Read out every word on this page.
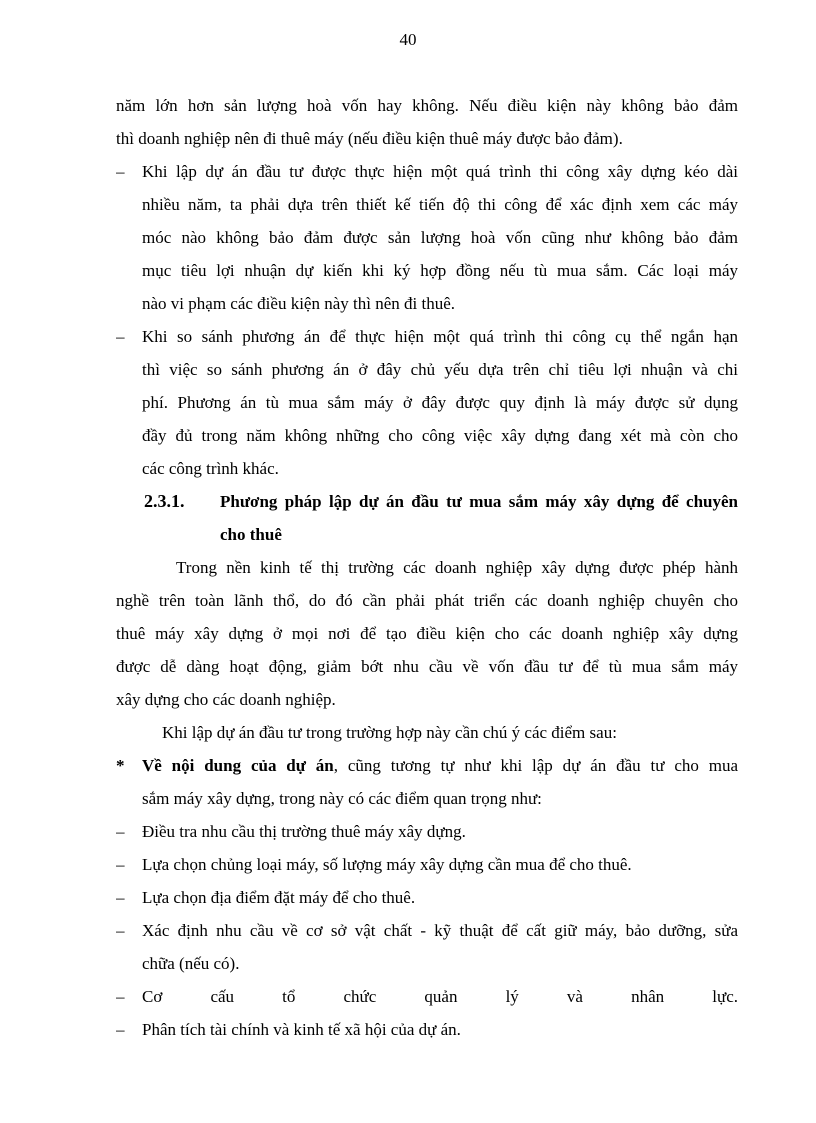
40
năm lớn hơn sản lượng hoà vốn hay không. Nếu điều kiện này không bảo đảm
thì doanh nghiệp nên đi thuê máy (nếu điều kiện thuê máy được bảo đảm).
– Khi lập dự án đầu tư được thực hiện một quá trình thi công xây dựng kéo dài
nhiều năm, ta phải dựa trên thiết kế tiến độ thi công để xác định xem các máy
móc nào không bảo đảm được sản lượng hoà vốn cũng như không bảo đảm
mục tiêu lợi nhuận dự kiến khi ký hợp đồng nếu tù mua sắm. Các loại máy
nào vi phạm các điều kiện này thì nên đi thuê.
– Khi so sánh phương án để thực hiện một quá trình thi công cụ thể ngắn hạn
thì việc so sánh phương án ở đây chủ yếu dựa trên chỉ tiêu lợi nhuận và chi
phí. Phương án tù mua sắm máy ở đây được quy định là máy được sử dụng
đầy đủ trong năm không những cho công việc xây dựng đang xét mà còn cho
các công trình khác.
2.3.1. Phương pháp lập dự án đầu tư mua sắm máy xây dựng để chuyên
cho thuê
Trong nền kinh tế thị trường các doanh nghiệp xây dựng được phép hành
nghề trên toàn lãnh thổ, do đó cần phải phát triển các doanh nghiệp chuyên cho
thuê máy xây dựng ở mọi nơi để tạo điều kiện cho các doanh nghiệp xây dựng
được dễ dàng hoạt động, giảm bớt nhu cầu về vốn đầu tư để tù mua sắm máy
xây dựng cho các doanh nghiệp.
Khi lập dự án đầu tư trong trường hợp này cần chú ý các điểm sau:
* Về nội dung của dự án, cũng tương tự như khi lập dự án đầu tư cho mua
sắm máy xây dựng, trong này có các điểm quan trọng như:
– Điều tra nhu cầu thị trường thuê máy xây dựng.
– Lựa chọn chủng loại máy, số lượng máy xây dựng cần mua để cho thuê.
– Lựa chọn địa điểm đặt máy để cho thuê.
– Xác định nhu cầu về cơ sở vật chất - kỹ thuật để cất giữ máy, bảo dưỡng, sửa
chữa (nếu có).
– Cơ cấu tổ chức quản lý và nhân lực.
– Phân tích tài chính và kinh tế xã hội của dự án.
